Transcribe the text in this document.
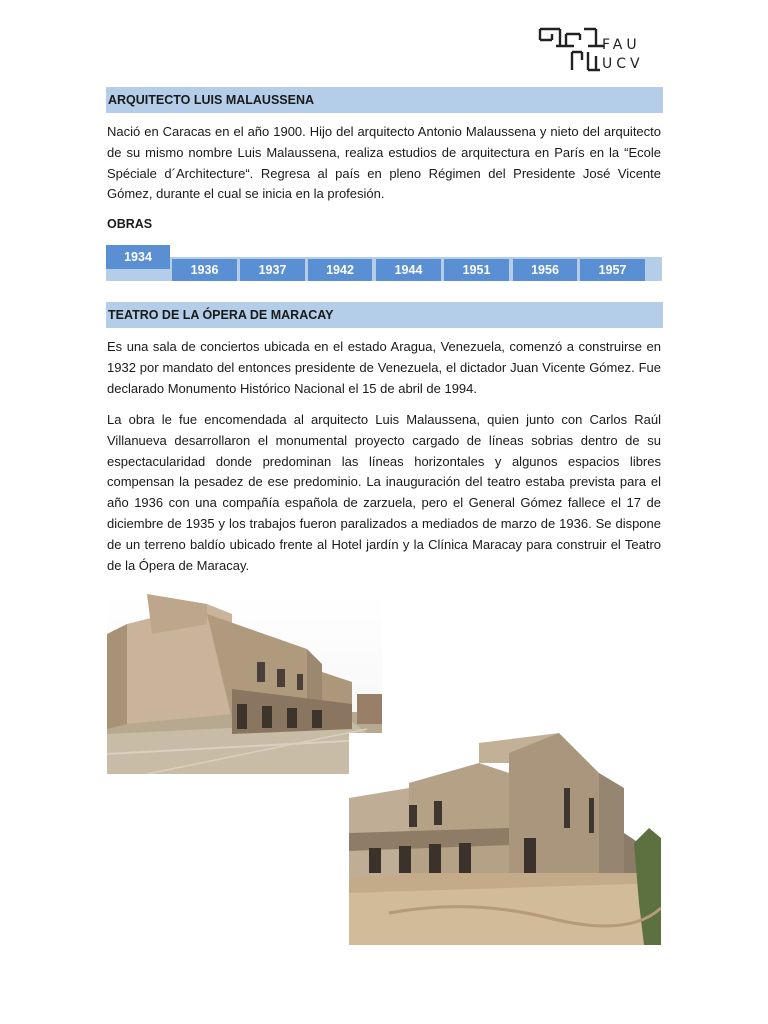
FAU
UCV
ARQUITECTO LUIS MALAUSSENA

Nació en Caracas en el año 1900. Hijo del arquitecto Antonio Malaussena y nieto del arquitecto de su mismo nombre Luis Malaussena, realiza estudios de arquitectura en París en la “Ecole Spéciale d´Architecture“. Regresa al país en pleno Régimen del Presidente José Vicente Gómez, durante el cual se inicia en la profesión.

OBRAS
1934
1936	1937	1942	1944	1951	1956	1957
TEATRO DE LA ÓPERA DE MARACAY

Es una sala de conciertos ubicada en el estado Aragua, Venezuela, comenzó a construirse en 1932 por mandato del entonces presidente de Venezuela, el dictador Juan Vicente Gómez. Fue declarado Monumento Histórico Nacional el 15 de abril de 1994.

La obra le fue encomendada al arquitecto Luis Malaussena, quien junto con Carlos Raúl Villanueva desarrollaron el monumental proyecto cargado de líneas sobrias dentro de su espectacularidad donde predominan las líneas horizontales y algunos espacios libres compensan la pesadez de ese predominio. La inauguración del teatro estaba prevista para el año 1936 con una compañía española de zarzuela, pero el General Gómez fallece el 17 de diciembre de 1935 y los trabajos fueron paralizados a mediados de marzo de 1936. Se dispone de un terreno baldío ubicado frente al Hotel jardín y la Clínica Maracay para construir el Teatro de la Ópera de Maracay.
